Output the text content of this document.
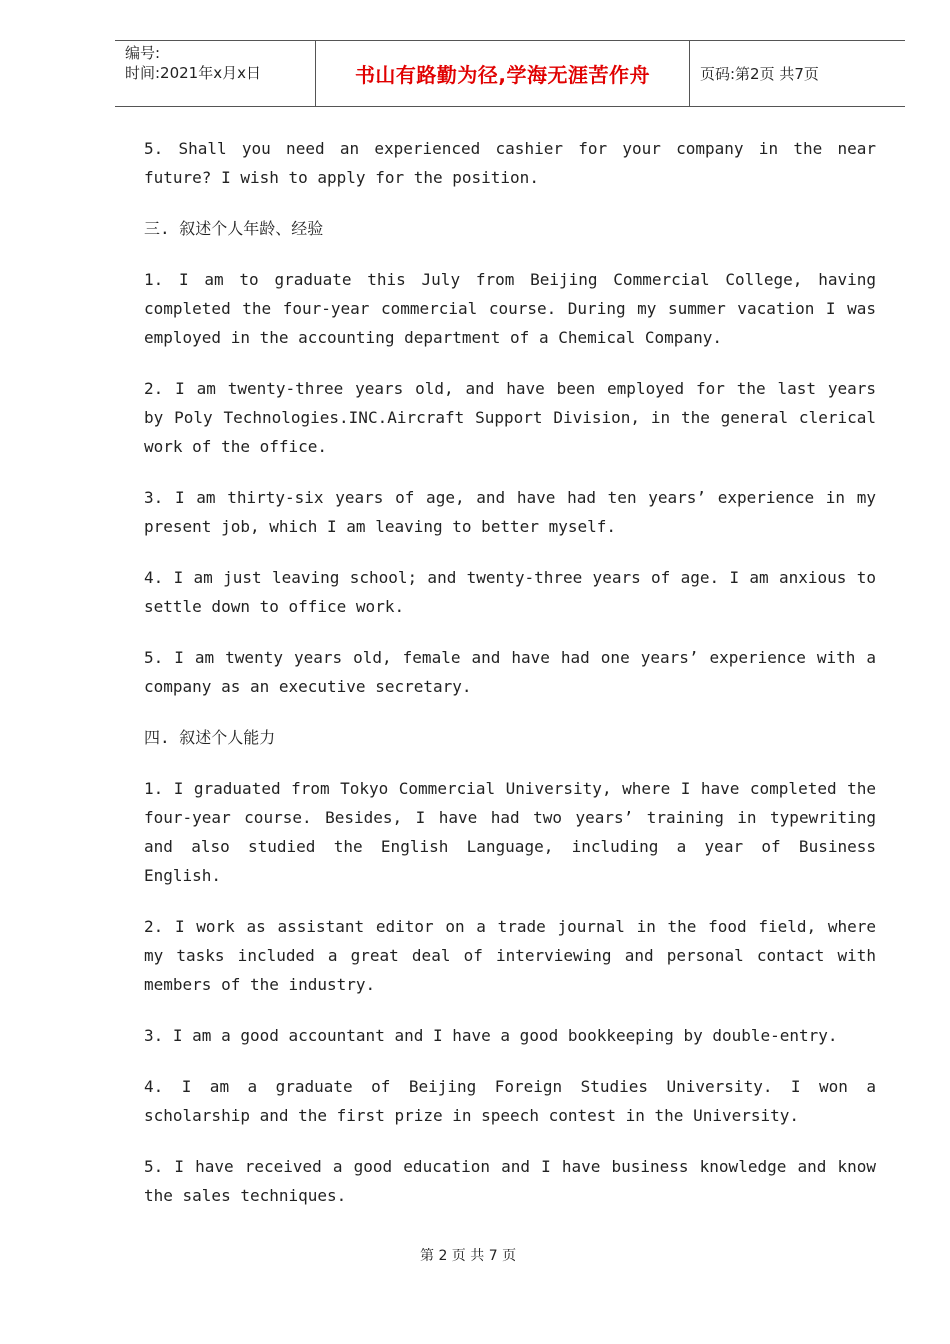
编号:
时间:2021年x月x日	书山有路勤为径,学海无涯苦作舟	页码:第2页 共7页

5. Shall you need an experienced cashier for your company in the near future? I wish to apply for the position.

三. 叙述个人年龄、经验

1. I am to graduate this July from Beijing Commercial College, having completed the four-year commercial course. During my summer vacation I was employed in the accounting department of a Chemical Company.

2. I am twenty-three years old, and have been employed for the last years by Poly Technologies.INC.Aircraft Support Division, in the general clerical work of the office.

3. I am thirty-six years of age, and have had ten years’ experience in my present job, which I am leaving to better myself.

4. I am just leaving school; and twenty-three years of age. I am anxious to settle down to office work.

5. I am twenty years old, female and have had one years’ experience with a company as an executive secretary.

四. 叙述个人能力

1. I graduated from Tokyo Commercial University, where I have completed the four-year course. Besides, I have had two years’ training in typewriting and also studied the English Language, including a year of Business English.

2. I work as assistant editor on a trade journal in the food field, where my tasks included a great deal of interviewing and personal contact with members of the industry.

3. I am a good accountant and I have a good bookkeeping by double-entry.

4. I am a graduate of Beijing Foreign Studies University. I won a scholarship and the first prize in speech contest in the University.

5. I have received a good education and I have business knowledge and know the sales techniques.

第 2 页 共 7 页
